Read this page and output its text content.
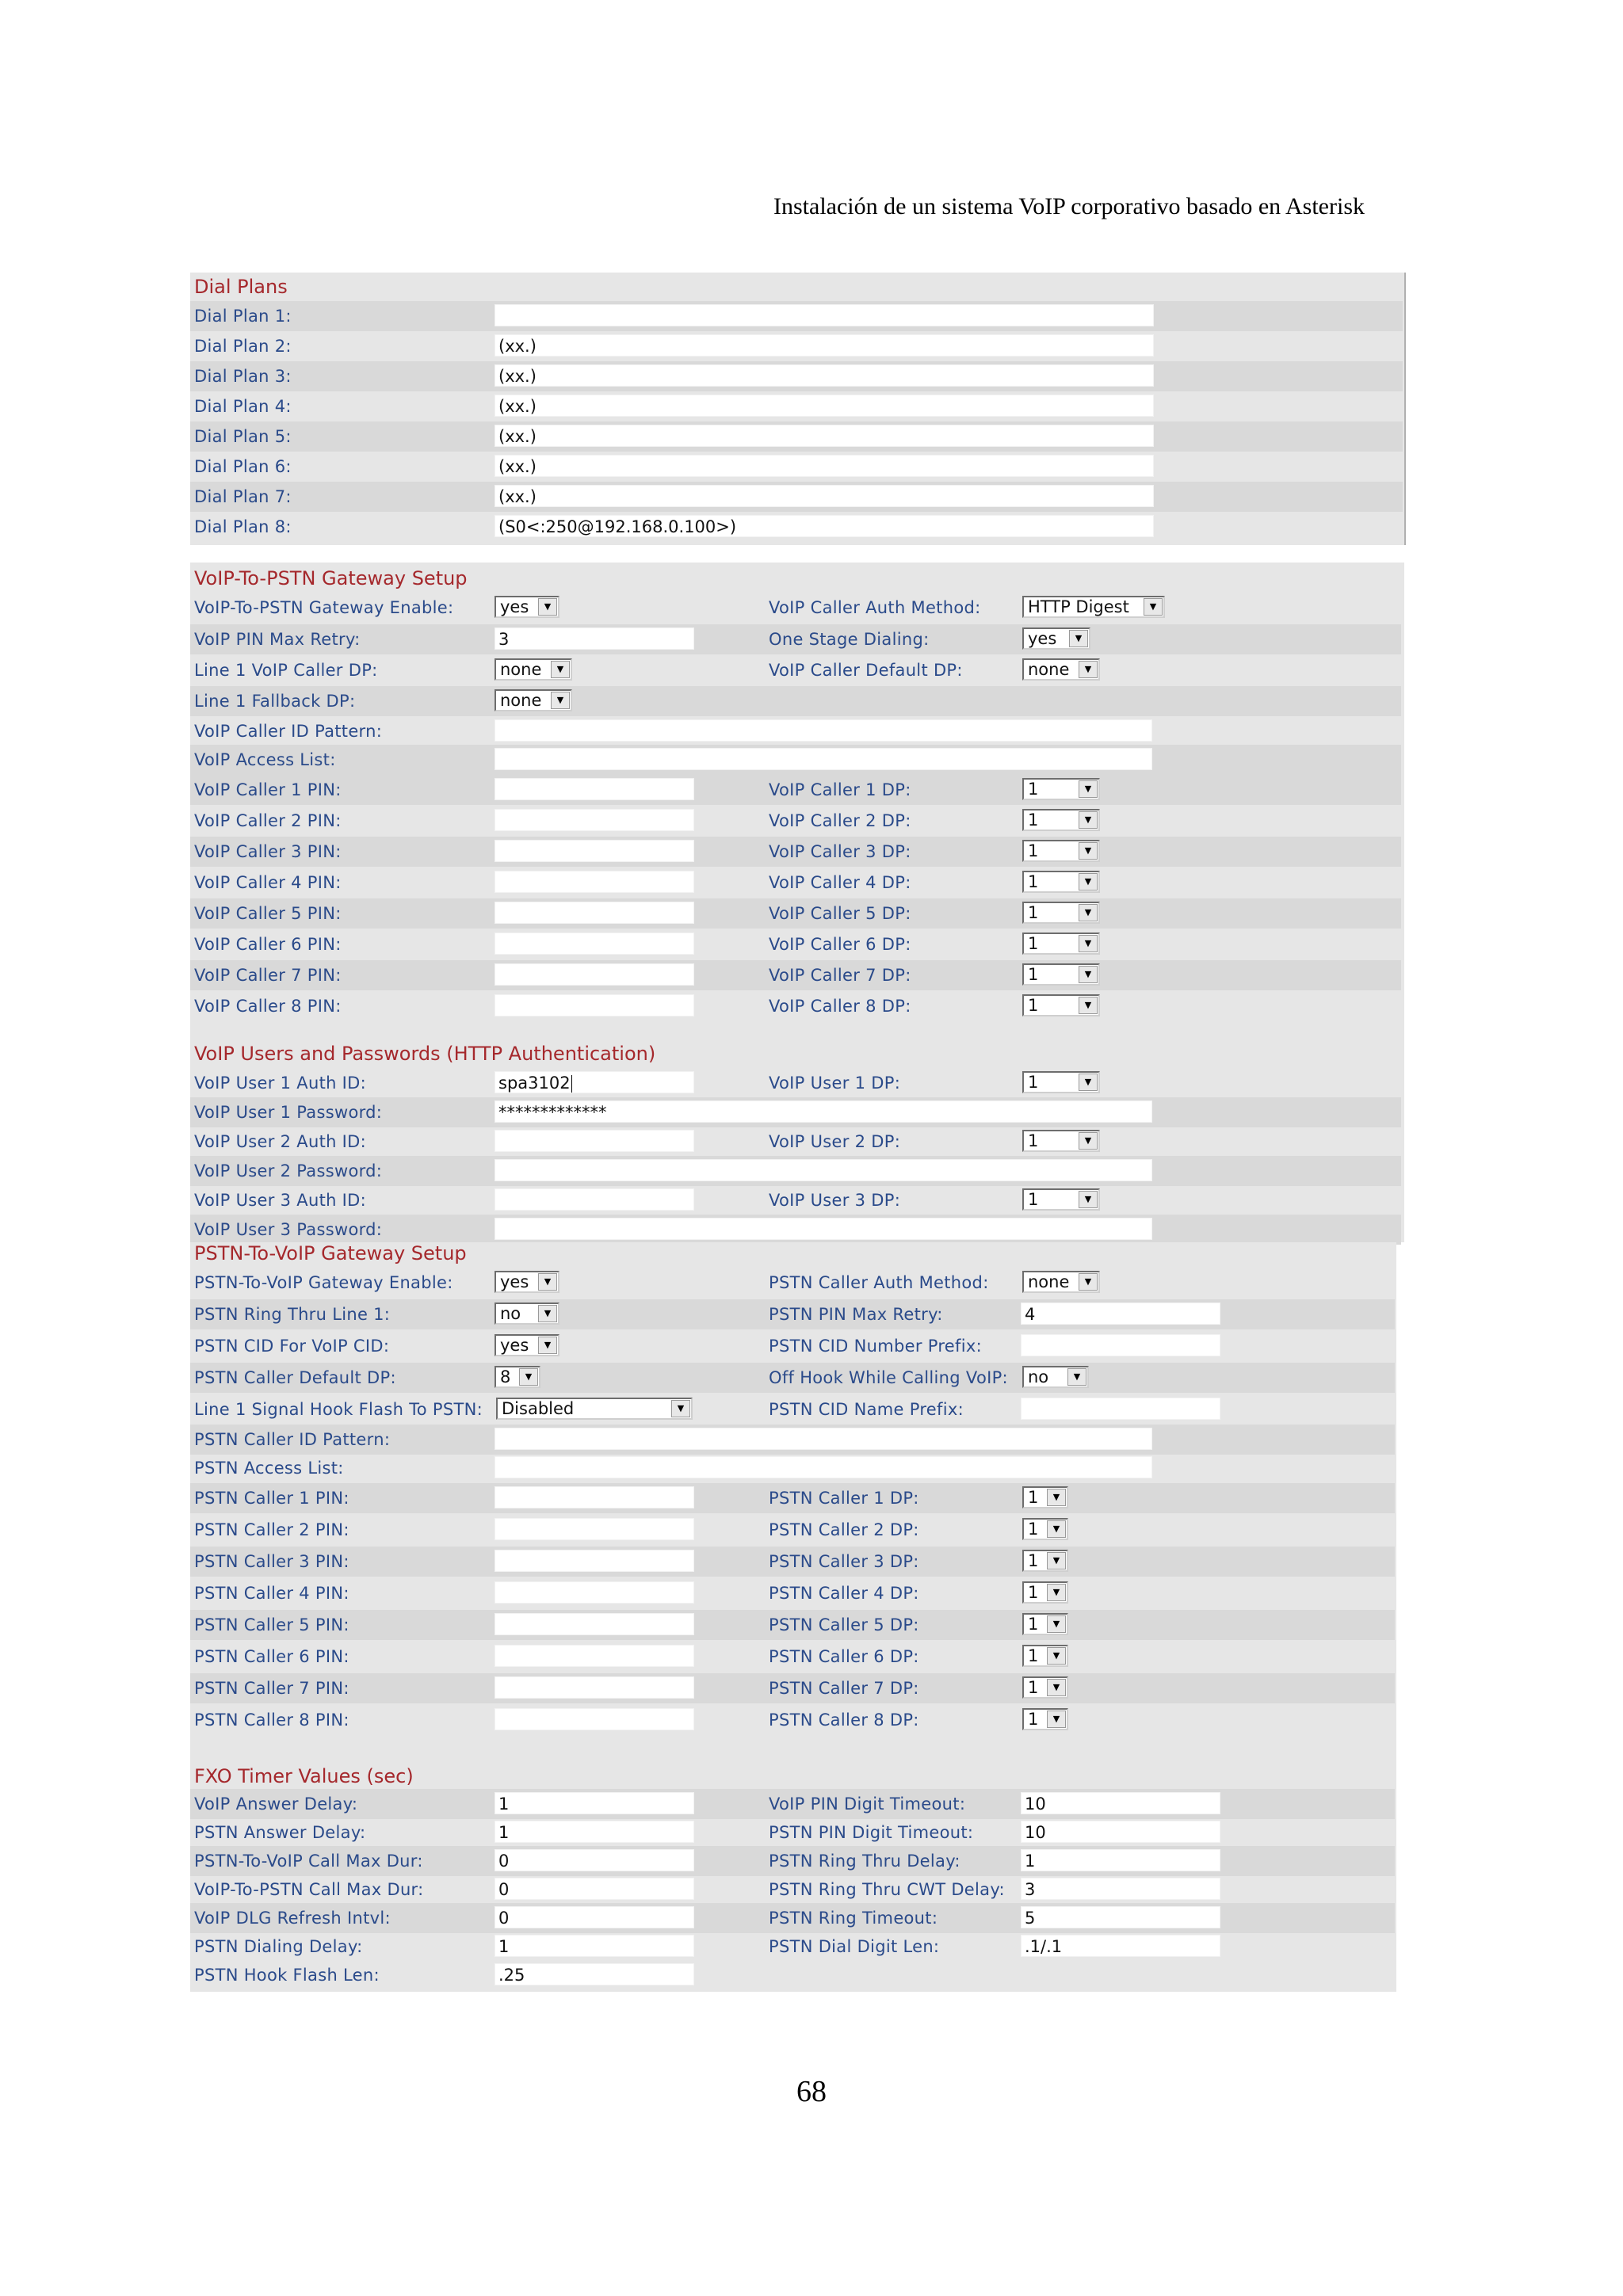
Instalación de un sistema VoIP corporativo basado en Asterisk
Dial Plans
Dial Plan 1:
Dial Plan 2:	(xx.)
Dial Plan 3:	(xx.)
Dial Plan 4:	(xx.)
Dial Plan 5:	(xx.)
Dial Plan 6:	(xx.)
Dial Plan 7:	(xx.)
Dial Plan 8:	(S0<:250@192.168.0.100>)
VoIP-To-PSTN Gateway Setup
VoIP-To-PSTN Gateway Enable:	yes	▼	VoIP Caller Auth Method:	HTTP Digest	▼
VoIP PIN Max Retry:	3	One Stage Dialing:	yes	▼
Line 1 VoIP Caller DP:	none	▼	VoIP Caller Default DP:	none	▼
Line 1 Fallback DP:	none	▼
VoIP Caller ID Pattern:
VoIP Access List:
VoIP Caller 1 PIN:	VoIP Caller 1 DP:	1	▼
VoIP Caller 2 PIN:	VoIP Caller 2 DP:	1	▼
VoIP Caller 3 PIN:	VoIP Caller 3 DP:	1	▼
VoIP Caller 4 PIN:	VoIP Caller 4 DP:	1	▼
VoIP Caller 5 PIN:	VoIP Caller 5 DP:	1	▼
VoIP Caller 6 PIN:	VoIP Caller 6 DP:	1	▼
VoIP Caller 7 PIN:	VoIP Caller 7 DP:	1	▼
VoIP Caller 8 PIN:	VoIP Caller 8 DP:	1	▼
VoIP Users and Passwords (HTTP Authentication)
VoIP User 1 Auth ID:	spa3102	VoIP User 1 DP:	1	▼
VoIP User 1 Password:	*************
VoIP User 2 Auth ID:	VoIP User 2 DP:	1	▼
VoIP User 2 Password:
VoIP User 3 Auth ID:	VoIP User 3 DP:	1	▼
VoIP User 3 Password:
PSTN-To-VoIP Gateway Setup
PSTN-To-VoIP Gateway Enable:	yes	▼	PSTN Caller Auth Method:	none	▼
PSTN Ring Thru Line 1:	no	▼	PSTN PIN Max Retry:	4
PSTN CID For VoIP CID:	yes	▼	PSTN CID Number Prefix:
PSTN Caller Default DP:	8	▼	Off Hook While Calling VoIP:	no	▼
Line 1 Signal Hook Flash To PSTN:	Disabled	▼	PSTN CID Name Prefix:
PSTN Caller ID Pattern:
PSTN Access List:
PSTN Caller 1 PIN:	PSTN Caller 1 DP:	1	▼
PSTN Caller 2 PIN:	PSTN Caller 2 DP:	1	▼
PSTN Caller 3 PIN:	PSTN Caller 3 DP:	1	▼
PSTN Caller 4 PIN:	PSTN Caller 4 DP:	1	▼
PSTN Caller 5 PIN:	PSTN Caller 5 DP:	1	▼
PSTN Caller 6 PIN:	PSTN Caller 6 DP:	1	▼
PSTN Caller 7 PIN:	PSTN Caller 7 DP:	1	▼
PSTN Caller 8 PIN:	PSTN Caller 8 DP:	1	▼
FXO Timer Values (sec)
VoIP Answer Delay:	1	VoIP PIN Digit Timeout:	10
PSTN Answer Delay:	1	PSTN PIN Digit Timeout:	10
PSTN-To-VoIP Call Max Dur:	0	PSTN Ring Thru Delay:	1
VoIP-To-PSTN Call Max Dur:	0	PSTN Ring Thru CWT Delay: 3
VoIP DLG Refresh Intvl:	0	PSTN Ring Timeout:	5
PSTN Dialing Delay:	1	PSTN Dial Digit Len:	.1/.1
PSTN Hook Flash Len:	.25
68
